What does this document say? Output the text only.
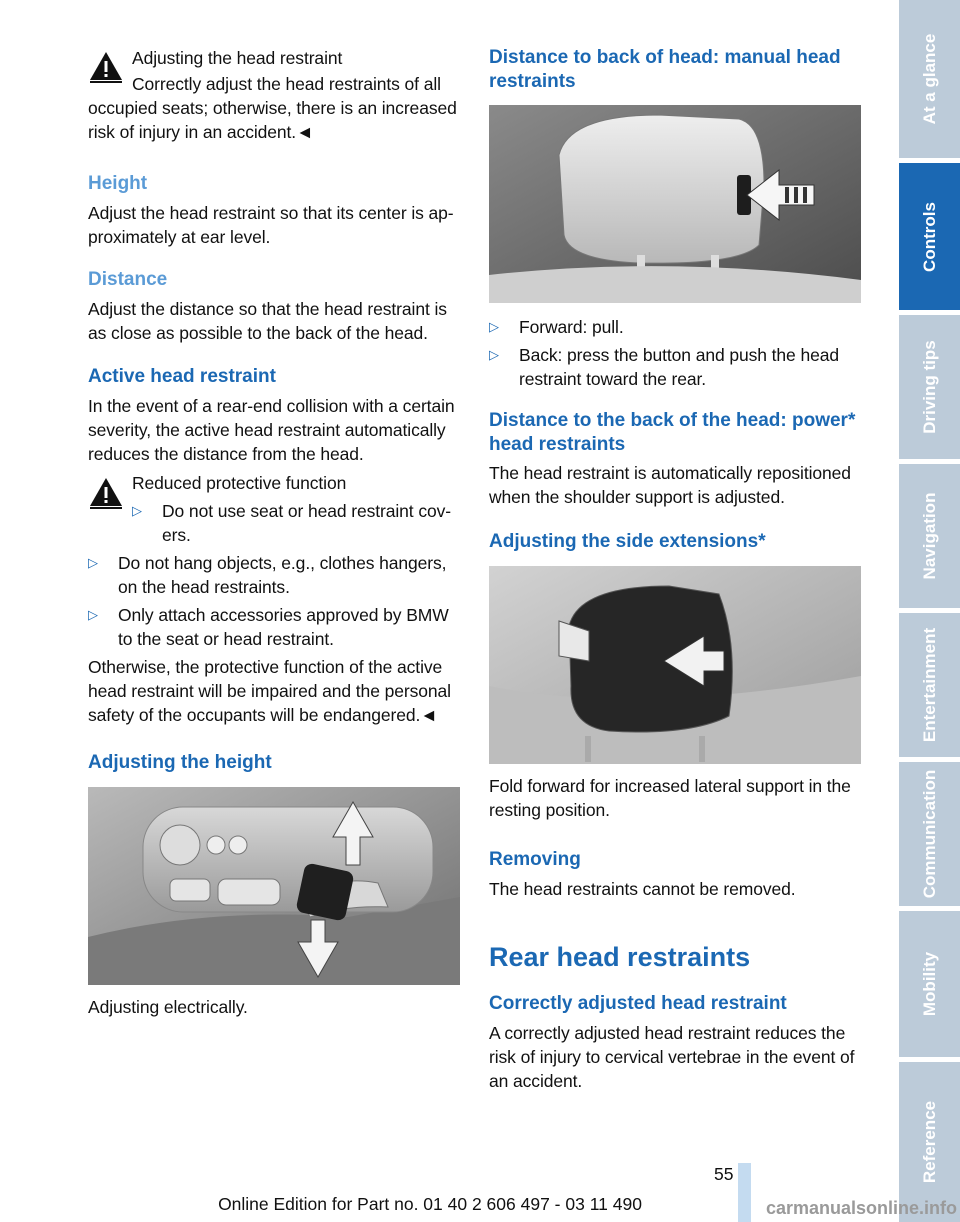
Adjusting the head restraint
Correctly adjust the head restraints of all occupied seats; otherwise, there is an increased risk of injury in an accident.◄
Height
Adjust the head restraint so that its center is ap- proximately at ear level.
Distance
Adjust the distance so that the head restraint is as close as possible to the back of the head.
Active head restraint
In the event of a rear-end collision with a certain severity, the active head restraint automatically reduces the distance from the head.
Reduced protective function
▷ Do not use seat or head restraint cov- ers.
▷ Do not hang objects, e.g., clothes hangers, on the head restraints.
▷ Only attach accessories approved by BMW to the seat or head restraint.
Otherwise, the protective function of the active head restraint will be impaired and the personal safety of the occupants will be endangered.◄
Adjusting the height
Adjusting electrically.
Distance to back of head: manual head restraints
▷ Forward: pull.
▷ Back: press the button and push the head restraint toward the rear.
Distance to the back of the head: power* head restraints
The head restraint is automatically repositioned when the shoulder support is adjusted.
Adjusting the side extensions*
Fold forward for increased lateral support in the resting position.
Removing
The head restraints cannot be removed.
Rear head restraints
Correctly adjusted head restraint
A correctly adjusted head restraint reduces the risk of injury to cervical vertebrae in the event of an accident.
At a glance
Controls
Driving tips
Navigation
Entertainment
Communication
Mobility
Reference
55
Online Edition for Part no. 01 40 2 606 497 - 03 11 490	carmanualsonline.info
